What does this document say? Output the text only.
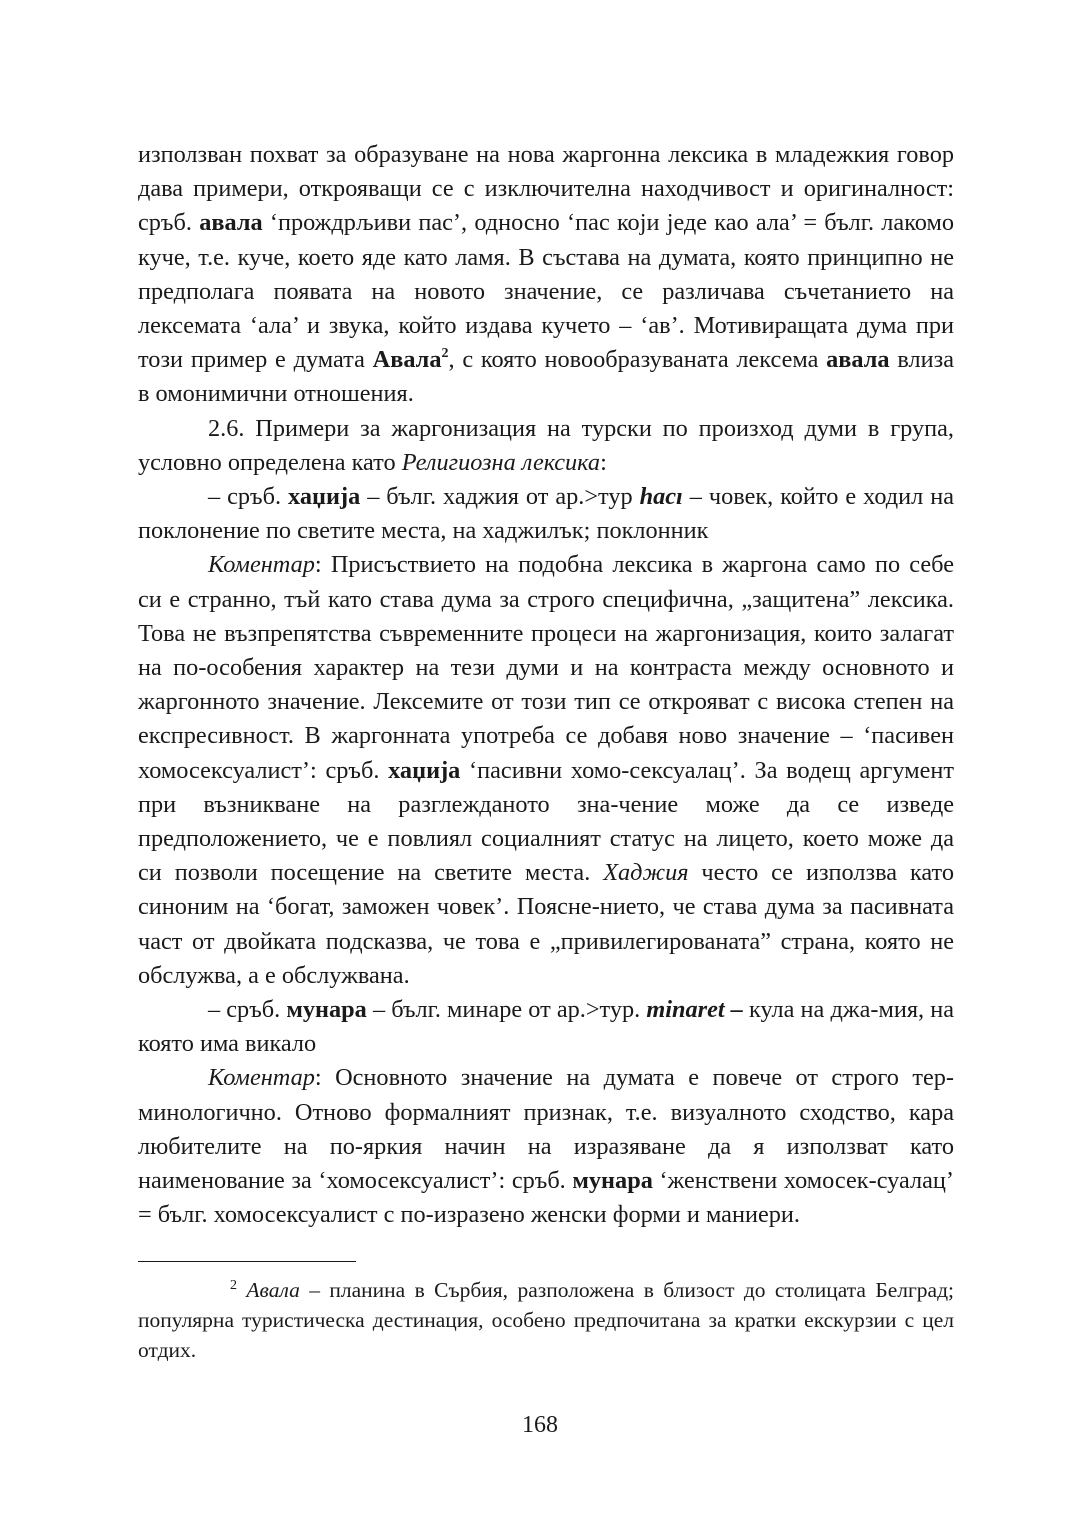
използван похват за образуване на нова жаргонна лексика в младежкия говор дава примери, открояващи се с изключителна находчивост и оригиналност: сръб. авала ‘прождрљиви пас’, односно ‘пас који једе као ала’ = бълг. лакомо куче, т.е. куче, което яде като ламя. В състава на думата, която принципно не предполага появата на новото значение, се различава съчетанието на лексемата ‘ала’ и звука, който издава кучето – ‘ав’. Мотивиращата дума при този пример е думата Авала$^2$, с която новообразуваната лексема авала влиза в омонимични отношения.

2.6. Примери за жаргонизация на турски по произход думи в група, условно определена като Религиозна лексика:

– сръб. хаџија – бълг. хаджия от ар.>тур hacı – човек, който е ходил на поклонение по светите места, на хаджилък; поклонник

Коментар: Присъствието на подобна лексика в жаргона само по себе си е странно, тъй като става дума за строго специфична, „защитена” лексика. Това не възпрепятства съвременните процеси на жаргонизация, които залагат на по-особения характер на тези думи и на контраста между основното и жаргонното значение. Лексемите от този тип се открояват с висока степен на експресивност. В жаргонната употреба се добавя ново значение – ‘пасивен хомосексуалист’: сръб. хаџија ‘пасивни хомо-сексуалац’. За водещ аргумент при възникване на разглежданото зна-чение може да се изведе предположението, че е повлиял социалният статус на лицето, което може да си позволи посещение на светите места. Хаджия често се използва като синоним на ‘богат, заможен човек’. Поясне-нието, че става дума за пасивната част от двойката подсказва, че това е „привилегированата” страна, която не обслужва, а е обслужвана.

– сръб. мунара – бълг. минаре от ар.>тур. minaret – кула на джа-мия, на която има викало

Коментар: Основното значение на думата е повече от строго тер-минологично. Отново формалният признак, т.е. визуалното сходство, кара любителите на по-яркия начин на изразяване да я използват като наименование за ‘хомосексуалист’: сръб. мунара ‘женствени хомосек-суалац’ = бълг. хомосексуалист с по-изразено женски форми и маниери.

$^2$ Авала – планина в Сърбия, разположена в близост до столицата Белград; популярна туристическа дестинация, особено предпочитана за кратки екскурзии с цел отдих.

168
